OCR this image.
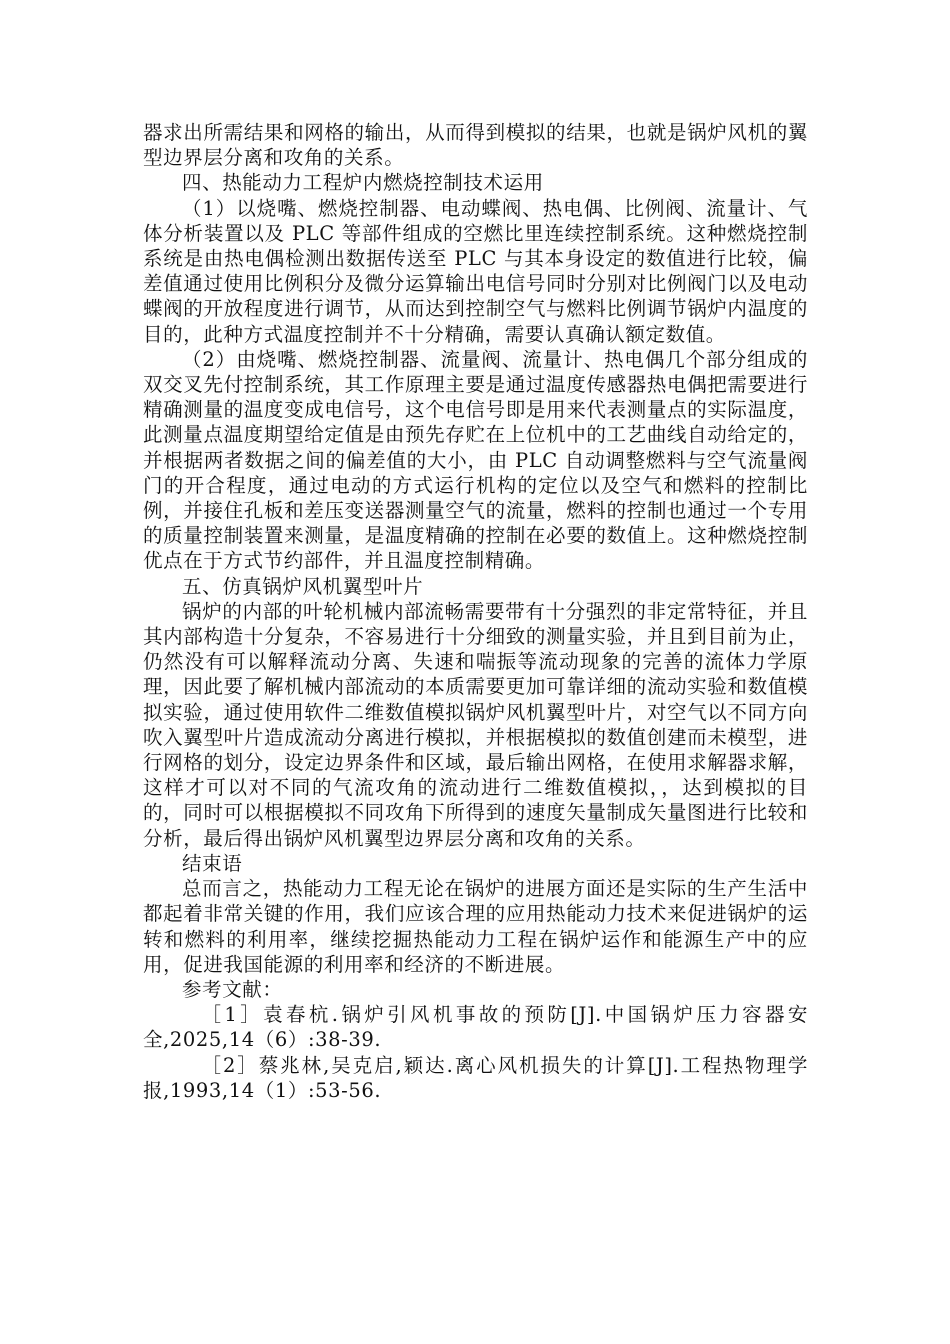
器求出所需结果和网格的输出，从而得到模拟的结果，也就是锅炉风机的翼型边界层分离和攻角的关系。

四、热能动力工程炉内燃烧控制技术运用

（1）以烧嘴、燃烧控制器、电动蝶阀、热电偶、比例阀、流量计、气体分析装置以及 PLC 等部件组成的空燃比里连续控制系统。这种燃烧控制系统是由热电偶检测出数据传送至 PLC 与其本身设定的数值进行比较，偏差值通过使用比例积分及微分运算输出电信号同时分别对比例阀门以及电动蝶阀的开放程度进行调节，从而达到控制空气与燃料比例调节锅炉内温度的目的，此种方式温度控制并不十分精确，需要认真确认额定数值。

（2）由烧嘴、燃烧控制器、流量阀、流量计、热电偶几个部分组成的双交叉先付控制系统，其工作原理主要是通过温度传感器热电偶把需要进行精确测量的温度变成电信号，这个电信号即是用来代表测量点的实际温度，此测量点温度期望给定值是由预先存贮在上位机中的工艺曲线自动给定的，并根据两者数据之间的偏差值的大小，由 PLC 自动调整燃料与空气流量阀门的开合程度，通过电动的方式运行机构的定位以及空气和燃料的控制比例，并接住孔板和差压变送器测量空气的流量，燃料的控制也通过一个专用的质量控制装置来测量，是温度精确的控制在必要的数值上。这种燃烧控制优点在于方式节约部件，并且温度控制精确。

五、仿真锅炉风机翼型叶片

锅炉的内部的叶轮机械内部流畅需要带有十分强烈的非定常特征，并且其内部构造十分复杂，不容易进行十分细致的测量实验，并且到目前为止，仍然没有可以解释流动分离、失速和喘振等流动现象的完善的流体力学原理，因此要了解机械内部流动的本质需要更加可靠详细的流动实验和数值模拟实验，通过使用软件二维数值模拟锅炉风机翼型叶片，对空气以不同方向吹入翼型叶片造成流动分离进行模拟，并根据模拟的数值创建而未模型，进行网格的划分，设定边界条件和区域，最后输出网格，在使用求解器求解，这样才可以对不同的气流攻角的流动进行二维数值模拟，，达到模拟的目的，同时可以根据模拟不同攻角下所得到的速度矢量制成矢量图进行比较和分析，最后得出锅炉风机翼型边界层分离和攻角的关系。

结束语

总而言之，热能动力工程无论在锅炉的进展方面还是实际的生产生活中都起着非常关键的作用，我们应该合理的应用热能动力技术来促进锅炉的运转和燃料的利用率，继续挖掘热能动力工程在锅炉运作和能源生产中的应用，促进我国能源的利用率和经济的不断进展。

参考文献：

［1］袁春杭.锅炉引风机事故的预防[J].中国锅炉压力容器安全,2025,14（6）:38-39.

［2］蔡兆林,吴克启,颖达.离心风机损失的计算[J].工程热物理学报,1993,14（1）:53-56.
